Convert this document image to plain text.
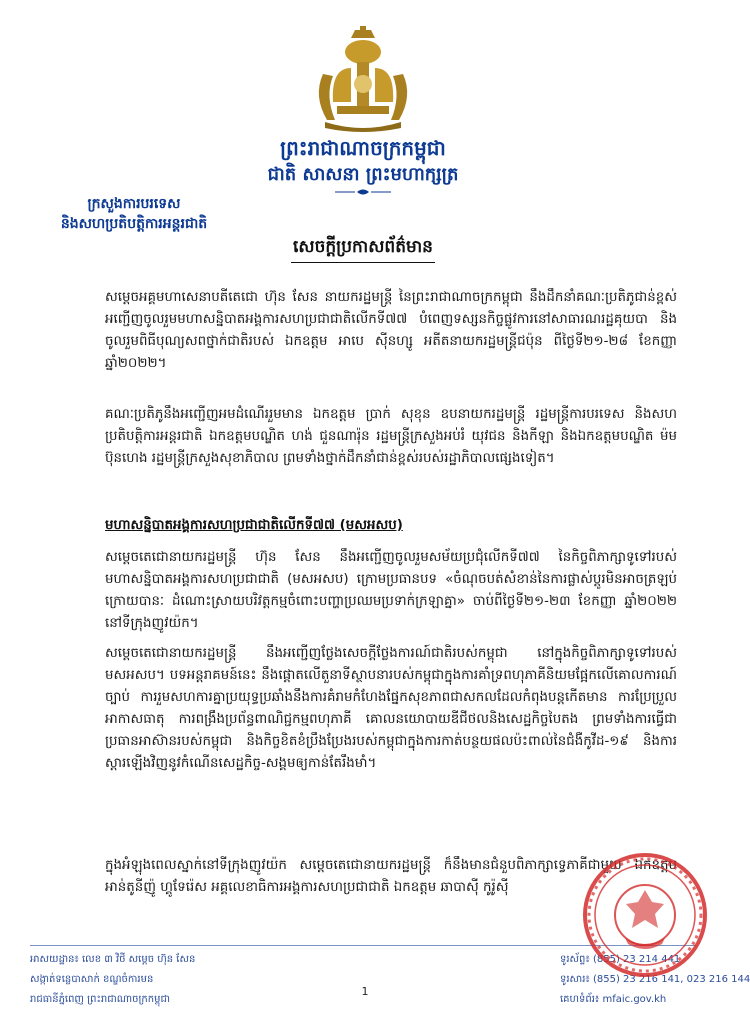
ព្រះរាជាណាចក្រកម្ពុជា
ជាតិ សាសនា ព្រះមហាក្សត្រ
ក្រសួងការបរទេស
និងសហប្រតិបត្តិការអន្តរជាតិ
សេចក្តីប្រកាសព័ត៌មាន

សម្តេចអគ្គមហាសេនាបតីតេជោ ហ៊ុន សែន នាយករដ្ឋមន្ត្រី នៃព្រះរាជាណាចក្រកម្ពុជា នឹងដឹកនាំគណៈប្រតិភូជាន់ខ្ពស់ អញ្ជើញចូលរួមមហាសន្និបាតអង្គការសហប្រជាជាតិលើកទី៧៧ បំពេញទស្សនកិច្ចផ្លូវការនៅសាធារណរដ្ឋគុយបា និងចូលរួមពិធីបុណ្យសពថ្នាក់ជាតិរបស់ ឯកឧត្តម អាបេ ស៊ីនហ្សូ អតីតនាយករដ្ឋមន្ត្រីជប៉ុន ពីថ្ងៃទី២១-២៨ ខែកញ្ញា ឆ្នាំ២០២២។

គណៈប្រតិភូនឹងអញ្ជើញអមដំណើររួមមាន ឯកឧត្តម ប្រាក់ សុខុន ឧបនាយករដ្ឋមន្ត្រី រដ្ឋមន្ត្រីការបរទេស និងសហប្រតិបត្តិការអន្តរជាតិ ឯកឧត្តមបណ្ឌិត ហង់ ជួនណារ៉ុន រដ្ឋមន្ត្រីក្រសួងអប់រំ យុវជន និងកីឡា និងឯកឧត្តមបណ្ឌិត ម៉ម ប៊ុនហេង រដ្ឋមន្ត្រីក្រសួងសុខាភិបាល ព្រមទាំងថ្នាក់ដឹកនាំជាន់ខ្ពស់របស់រដ្ឋាភិបាលផ្សេងទៀត។

មហាសន្និបាតអង្គការសហប្រជាជាតិលើកទី៧៧ (មសអសប)

សម្តេចតេជោនាយករដ្ឋមន្ត្រី ហ៊ុន សែន នឹងអញ្ជើញចូលរួមសម័យប្រជុំលើកទី៧៧ នៃកិច្ចពិភាក្សាទូទៅរបស់មហាសន្និបាតអង្គការសហប្រជាជាតិ (មសអសប) ក្រោមប្រធានបទ «ចំណុចបត់សំខាន់នៃការផ្លាស់ប្តូរមិនអាចត្រឡប់ក្រោយបានៈ ដំណោះស្រាយបរិវត្តកម្មចំពោះបញ្ហាប្រឈមប្រទាក់ក្រឡាគ្នា» ចាប់ពីថ្ងៃទី២១-២៣ ខែកញ្ញា ឆ្នាំ២០២២ នៅទីក្រុងញូវយ៉ក។

សម្តេចតេជោនាយករដ្ឋមន្ត្រី នឹងអញ្ជើញថ្លែងសេចក្តីថ្លែងការណ៍ជាតិរបស់កម្ពុជា នៅក្នុងកិច្ចពិភាក្សាទូទៅរបស់ មសអសប។ បទអន្តរាគមន៍នេះ នឹងផ្តោតលើតួនាទីស្ថាបនារបស់កម្ពុជាក្នុងការគាំទ្រពហុភាគីនិយមផ្អែកលើគោលការណ៍ច្បាប់ ការរួមសហការគ្នាប្រយុទ្ធប្រឆាំងនឹងការគំរាមកំហែងផ្នែកសុខភាពជាសកលដែលកំពុងបន្តកើតមាន ការប្រែប្រួលអាកាសធាតុ ការពង្រឹងប្រព័ន្ធពាណិជ្ជកម្មពហុភាគី គោលនយោបាយឌីជីថលនិងសេដ្ឋកិច្ចបៃតង ព្រមទាំងការធ្វើជាប្រធានអាស៊ានរបស់កម្ពុជា និងកិច្ចខិតខំប្រឹងប្រែងរបស់កម្ពុជាក្នុងការកាត់បន្ថយផលប៉ះពាល់នៃជំងឺកូវីដ-១៩ និងការស្តារឡើងវិញនូវកំណើនសេដ្ឋកិច្ច-សង្គមឲ្យកាន់តែរឹងមាំ។

ក្នុងអំឡុងពេលស្នាក់នៅទីក្រុងញូវយ៉ក សម្តេចតេជោនាយករដ្ឋមន្ត្រី ក៏នឹងមានជំនួបពិភាក្សាទ្វេភាគីជាមួយ ឯកឧត្តម អាន់តូនីញ៉ូ ហ្គូទែរ៉េស អគ្គលេខាធិការអង្គការសហប្រជាជាតិ ឯកឧត្តម ឆាបាស៊ី កូរ៉ូស៊ី

អាសយដ្ឋាន៖ លេខ ៣ វិថី សម្តេច ហ៊ុន សែន
សង្កាត់ទន្លេបាសាក់ ខណ្ឌចំការមន
រាជធានីភ្នំពេញ ព្រះរាជាណាចក្រកម្ពុជា
ទូរស័ព្ទ៖ (855) 23 214 441
ទូរសារ៖ (855) 23 216 141, 023 216 144
គេហទំព័រ៖ mfaic.gov.kh
1
